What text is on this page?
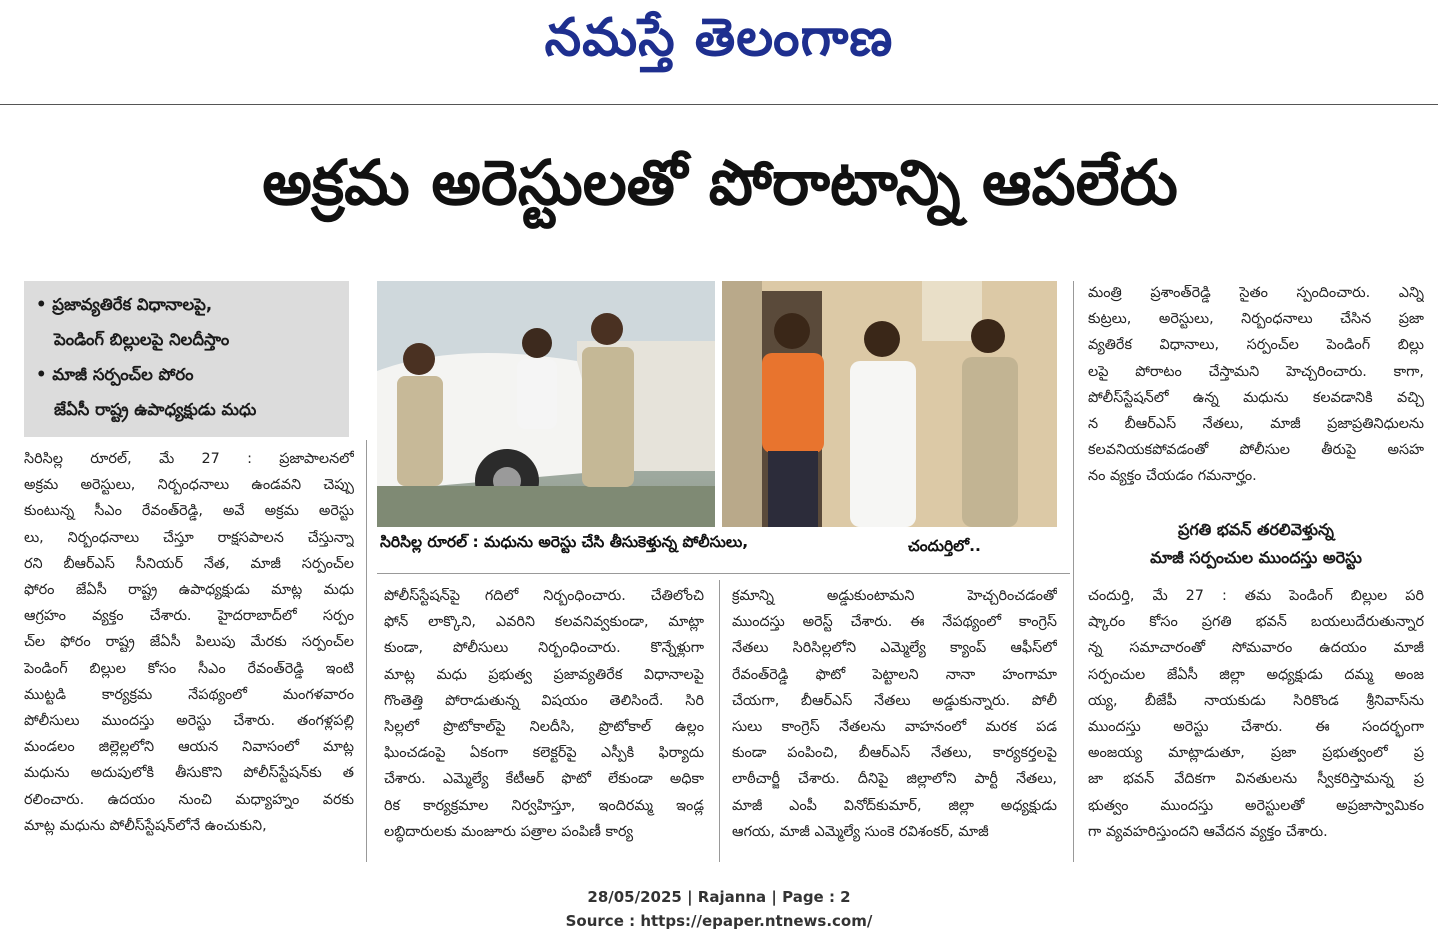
నమస్తే తెలంగాణ
అక్రమ అరెస్టులతో పోరాటాన్ని ఆపలేరు
• ప్రజావ్యతిరేక విధానాలపై,
పెండింగ్ బిల్లులపై నిలదీస్తాం
• మాజీ సర్పంచ్‌ల పోరం
జేఏసీ రాష్ట్ర ఉపాధ్యక్షుడు మధు

సిరిసిల్ల రూరల్, మే 27 : ప్రజాపాలనలో

అక్రమ అరెస్టులు, నిర్బంధనాలు ఉండవని చెప్పు

కుంటున్న సీఎం రేవంత్‌రెడ్డి, అవే అక్రమ అరెస్టు

లు, నిర్బంధనాలు చేస్తూ రాక్షసపాలన చేస్తున్నా

రని బీఆర్‌ఎస్ సీనియర్ నేత, మాజీ సర్పంచ్‌ల

ఫోరం జేఏసీ రాష్ట్ర ఉపాధ్యక్షుడు మాట్ల మధు

ఆగ్రహం వ్యక్తం చేశారు. హైదరాబాద్‌లో సర్పం

చ్‌ల ఫోరం రాష్ట్ర జేఏసీ పిలుపు మేరకు సర్పంచ్‌ల

పెండింగ్ బిల్లుల కోసం సీఎం రేవంత్‌రెడ్డి ఇంటి

ముట్టడి కార్యక్రమ నేపథ్యంలో మంగళవారం

పోలీసులు ముందస్తు అరెస్టు చేశారు. తంగళ్లపల్లి

మండలం జిల్లెల్లలోని ఆయన నివాసంలో మాట్ల

మధును అదుపులోకి తీసుకొని పోలీస్‌స్టేషన్‌కు త

రలించారు. ఉదయం నుంచి మధ్యాహ్నం వరకు

మాట్ల మధును పోలీస్‌స్టేషన్‌లోనే ఉంచుకుని,

సిరిసిల్ల రూరల్ : మధును అరెస్టు చేసి తీసుకెళ్తున్న పోలీసులు,	చందుర్తిలో..

పోలీస్‌స్టేషన్‌పై గదిలో నిర్బంధించారు. చేతిలోంచి

ఫోన్ లాక్కొని, ఎవరిని కలవనివ్వకుండా, మాట్లా

కుండా, పోలీసులు నిర్బంధించారు. కొన్నేళ్లుగా

మాట్ల మధు ప్రభుత్వ ప్రజావ్యతిరేక విధానాలపై

గొంతెత్తి పోరాడుతున్న విషయం తెలిసిందే. సిరి

సిల్లలో ప్రొటోకాల్‌పై నిలదీసి, ప్రొటోకాల్ ఉల్లం

ఘించడంపై ఏకంగా కలెక్టర్‌పై ఎస్పీకి ఫిర్యాదు

చేశారు. ఎమ్మెల్యే కేటీఆర్ ఫొటో లేకుండా అధికా

రిక కార్యక్రమాల నిర్వహిస్తూ, ఇందిరమ్మ ఇండ్ల

లబ్ధిదారులకు మంజూరు పత్రాల పంపిణీ కార్య

క్రమాన్ని అడ్డుకుంటామని హెచ్చరించడంతో

ముందస్తు అరెస్ట్ చేశారు. ఈ నేపథ్యంలో కాంగ్రెస్

నేతలు సిరిసిల్లలోని ఎమ్మెల్యే క్యాంప్ ఆఫీస్‌లో

రేవంత్‌రెడ్డి ఫొటో పెట్టాలని నానా హంగామా

చేయగా, బీఆర్‌ఎస్ నేతలు అడ్డుకున్నారు. పోలీ

సులు కాంగ్రెస్ నేతలను వాహనంలో మరక పడ

కుండా పంపించి, బీఆర్‌ఎస్ నేతలు, కార్యకర్తలపై

లాఠీచార్జీ చేశారు. దీనిపై జిల్లాలోని పార్టీ నేతలు,

మాజీ ఎంపీ వినోద్‌కుమార్, జిల్లా అధ్యక్షుడు

ఆగయ, మాజీ ఎమ్మెల్యే సుంకె రవిశంకర్, మాజీ

మంత్రి ప్రశాంత్‌రెడ్డి సైతం స్పందించారు. ఎన్ని

కుట్రలు, అరెస్టులు, నిర్బంధనాలు చేసిన ప్రజా

వ్యతిరేక విధానాలు, సర్పంచ్‌ల పెండింగ్ బిల్లు

లపై పోరాటం చేస్తామని హెచ్చరించారు. కాగా,

పోలీస్‌స్టేషన్‌లో ఉన్న మధును కలవడానికి వచ్చి

న బీఆర్‌ఎస్ నేతలు, మాజీ ప్రజాప్రతినిధులను

కలవనియకపోవడంతో పోలీసుల తీరుపై అసహ

నం వ్యక్తం చేయడం గమనార్హం.

ప్రగతి భవన్ తరలివెళ్తున్న
మాజీ సర్పంచుల ముందస్తు అరెస్టు

చందుర్తి, మే 27 : తమ పెండింగ్ బిల్లుల పరి

ష్కారం కోసం ప్రగతి భవన్ బయలుదేరుతున్నార

న్న సమాచారంతో సోమవారం ఉదయం మాజీ

సర్పంచుల జేఏసీ జిల్లా అధ్యక్షుడు దమ్మ అంజ

య్య, బీజేపీ నాయకుడు సిరికొండ శ్రీనివాస్‌ను

ముందస్తు అరెస్టు చేశారు. ఈ సందర్భంగా

అంజయ్య మాట్లాడుతూ, ప్రజా ప్రభుత్వంలో ప్ర

జా భవన్ వేదికగా వినతులను స్వీకరిస్తామన్న ప్ర

భుత్వం ముందస్తు అరెస్టులతో అప్రజాస్వామికం

గా వ్యవహరిస్తుందని ఆవేదన వ్యక్తం చేశారు.

28/05/2025 | Rajanna | Page : 2
Source : https://epaper.ntnews.com/
